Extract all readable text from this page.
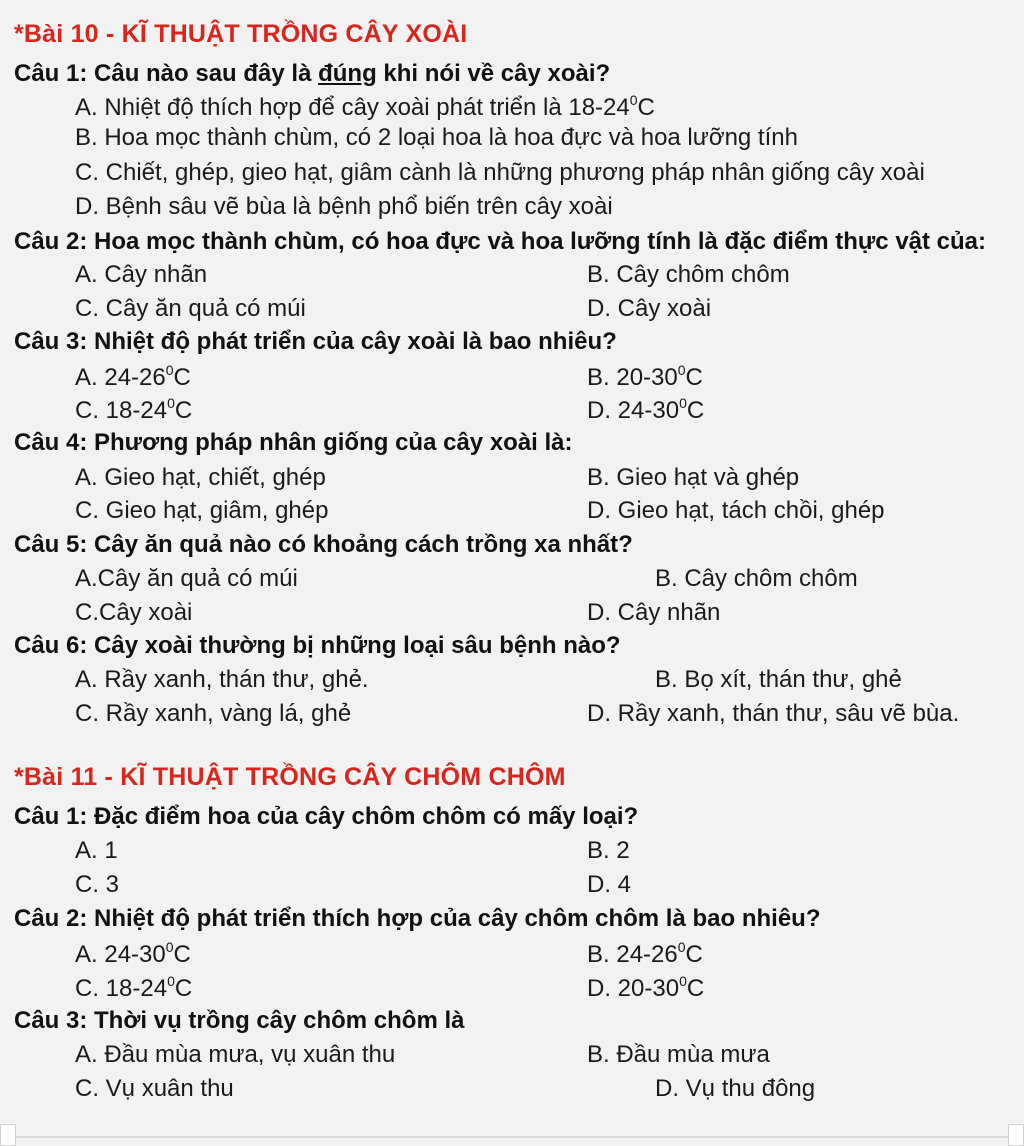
*Bài 10 - KĨ THUẬT TRỒNG CÂY XOÀI
Câu 1: Câu nào sau đây là đúng khi nói về cây xoài?
A. Nhiệt độ thích hợp để cây xoài phát triển là $18-24^0C$
B. Hoa mọc thành chùm, có 2 loại hoa là hoa đực và hoa lưỡng tính
C. Chiết, ghép, gieo hạt, giâm cành là những phương pháp nhân giống cây xoài
D. Bệnh sâu vẽ bùa là bệnh phổ biến trên cây xoài
Câu 2: Hoa mọc thành chùm, có hoa đực và hoa lưỡng tính là đặc điểm thực vật của:
A. Cây nhãn	B. Cây chôm chôm
C. Cây ăn quả có múi	D. Cây xoài
Câu 3: Nhiệt độ phát triển của cây xoài là bao nhiêu?
A. $24-26^0C$	B. $20-30^0C$
C. $18-24^0C$	D. $24-30^0C$
Câu 4: Phương pháp nhân giống của cây xoài là:
A. Gieo hạt, chiết, ghép	B. Gieo hạt và ghép
C. Gieo hạt, giâm, ghép	D. Gieo hạt, tách chồi, ghép
Câu 5: Cây ăn quả nào có khoảng cách trồng xa nhất?
A.Cây ăn quả có múi	B. Cây chôm chôm
C.Cây xoài	D. Cây nhãn
Câu 6: Cây xoài thường bị những loại sâu bệnh nào?
A. Rầy xanh, thán thư, ghẻ.	B. Bọ xít, thán thư, ghẻ
C. Rầy xanh, vàng lá, ghẻ	D. Rầy xanh, thán thư, sâu vẽ bùa.
*Bài 11 - KĨ THUẬT TRỒNG CÂY CHÔM CHÔM
Câu 1: Đặc điểm hoa của cây chôm chôm có mấy loại?
A. 1	B. 2
C. 3	D. 4
Câu 2: Nhiệt độ phát triển thích hợp của cây chôm chôm là bao nhiêu?
A. $24-30^0C$	B. $24-26^0C$
C. $18-24^0C$	D. $20-30^0C$
Câu 3: Thời vụ trồng cây chôm chôm là
A. Đầu mùa mưa, vụ xuân thu	B. Đầu mùa mưa
C. Vụ xuân thu	D. Vụ thu đông
